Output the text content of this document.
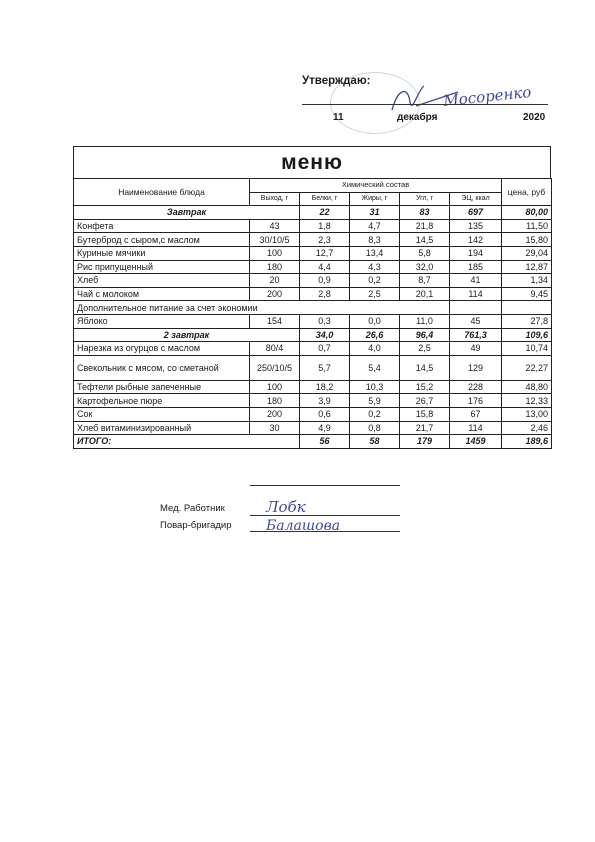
Утверждаю:
Мосоренко
11	декабря	2020
меню
Наименование блюда	Химический состав					цена, руб
	Выход, г	Белки, г	Жиры, г	Угл, г	ЭЦ, ккал	
Завтрак		22	31	83	697	80,00
Конфета	43	1,8	4,7	21,8	135	11,50
Бутерброд с сыром,с маслом	30/10/5	2,3	8,3	14,5	142	15,80
Куриные мячики	100	12,7	13,4	5,8	194	29,04
Рис припущенный	180	4,4	4,3	32,0	185	12,87
Хлеб	20	0,9	0,2	8,7	41	1,34
Чай с молоком	200	2,8	2,5	20,1	114	9,45
Дополнительное питание за счет экономии						
Яблоко	154	0,3	0,0	11,0	45	27,8
2 завтрак		34,0	26,6	96,4	761,3	109,6
Нарезка из огурцов с маслом	80/4	0,7	4,0	2,5	49	10,74
Свекольник с мясом, со сметаной	250/10/5	5,7	5,4	14,5	129	22,27
Тефтели рыбные запеченные	100	18,2	10,3	15,2	228	48,80
Картофельное пюре	180	3,9	5,9	26,7	176	12,33
Сок	200	0,6	0,2	15,8	67	13,00
Хлеб витаминизированный	30	4,9	0,8	21,7	114	2,46
ИТОГО:		56	58	179	1459	189,6
Мед. Работник	Лобк
Повар-бригадир Балашова
